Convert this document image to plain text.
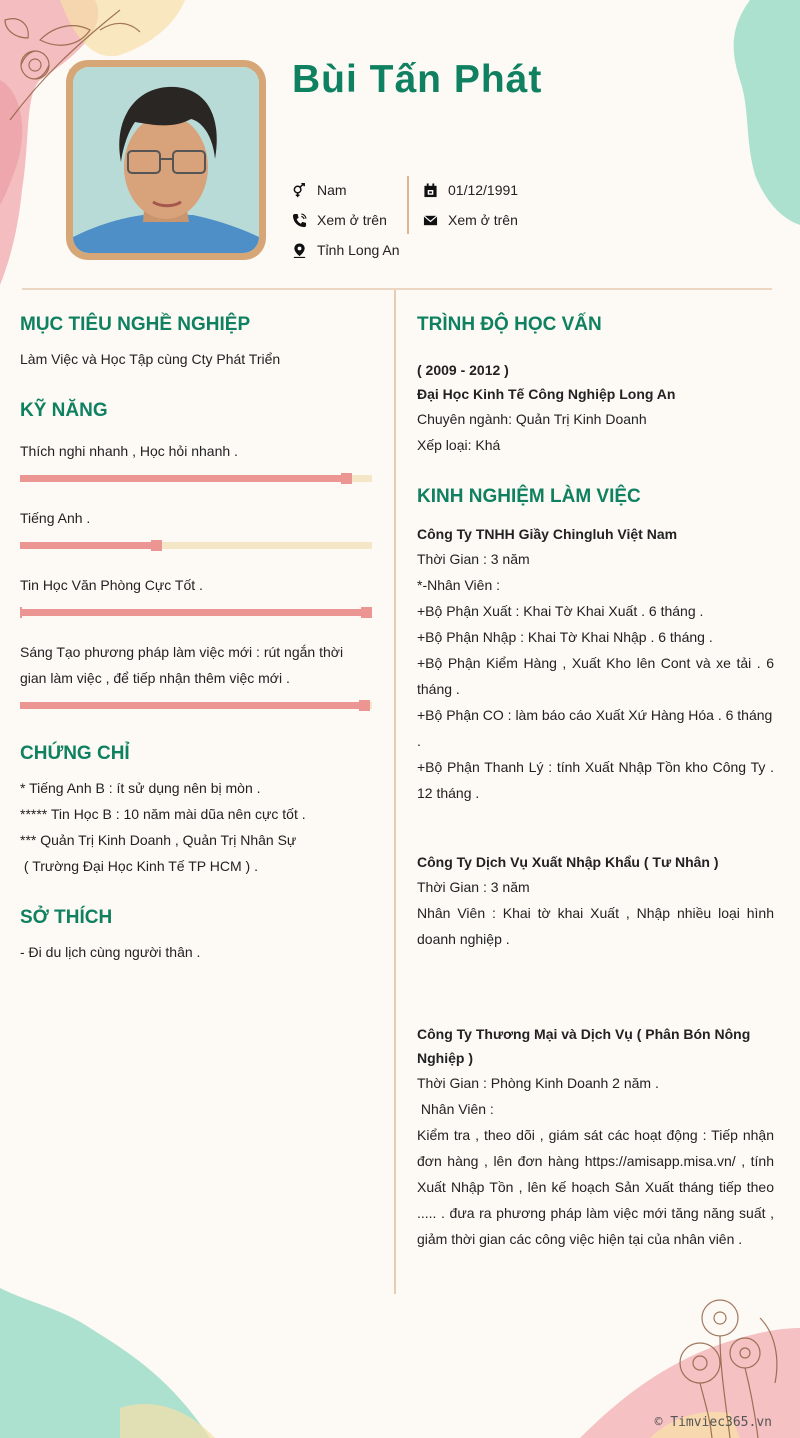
Bùi Tấn Phát
Nam
Xem ở trên
Tỉnh Long An
01/12/1991
Xem ở trên
MỤC TIÊU NGHỀ NGHIỆP
Làm Việc và Học Tập cùng Cty Phát Triển
KỸ NĂNG
Thích nghi nhanh , Học hỏi nhanh .
Tiếng Anh .
Tin Học Văn Phòng Cực Tốt .
Sáng Tạo phương pháp làm việc mới : rút ngắn thời gian làm việc , để tiếp nhận thêm việc mới .
CHỨNG CHỈ
* Tiếng Anh B : ít sử dụng nên bị mòn .
***** Tin Học B : 10 năm mài dũa nên cực tốt .
*** Quản Trị Kinh Doanh , Quản Trị Nhân Sự
( Trường Đại Học Kinh Tế TP HCM ) .
SỞ THÍCH
- Đi du lịch cùng người thân .
TRÌNH ĐỘ HỌC VẤN
( 2009 - 2012 )
Đại Học Kinh Tế Công Nghiệp Long An
Chuyên ngành: Quản Trị Kinh Doanh
Xếp loại: Khá
KINH NGHIỆM LÀM VIỆC
Công Ty TNHH Giầy Chingluh Việt Nam
Thời Gian : 3 năm
*-Nhân Viên :
+Bộ Phận Xuất : Khai Tờ Khai Xuất . 6 tháng .
+Bộ Phận Nhập : Khai Tờ Khai Nhập . 6 tháng .
+Bộ Phận Kiểm Hàng , Xuất Kho lên Cont và xe tải . 6 tháng .
+Bộ Phận CO : làm báo cáo Xuất Xứ Hàng Hóa . 6 tháng .
+Bộ Phận Thanh Lý : tính Xuất Nhập Tồn kho Công Ty . 12 tháng .
Công Ty Dịch Vụ Xuất Nhập Khẩu ( Tư Nhân )
Thời Gian : 3 năm
Nhân Viên : Khai tờ khai Xuất , Nhập nhiều loại hình doanh nghiệp .
Công Ty Thương Mại và Dịch Vụ ( Phân Bón Nông Nghiệp )
Thời Gian : Phòng Kinh Doanh 2 năm .
Nhân Viên :
Kiểm tra , theo dõi , giám sát các hoạt động : Tiếp nhận đơn hàng , lên đơn hàng https://amisapp.misa.vn/ , tính Xuất Nhập Tồn , lên kế hoạch Sản Xuất tháng tiếp theo ..... . đưa ra phương pháp làm việc mới tăng năng suất , giảm thời gian các công việc hiện tại của nhân viên .
© Timviec365.vn
